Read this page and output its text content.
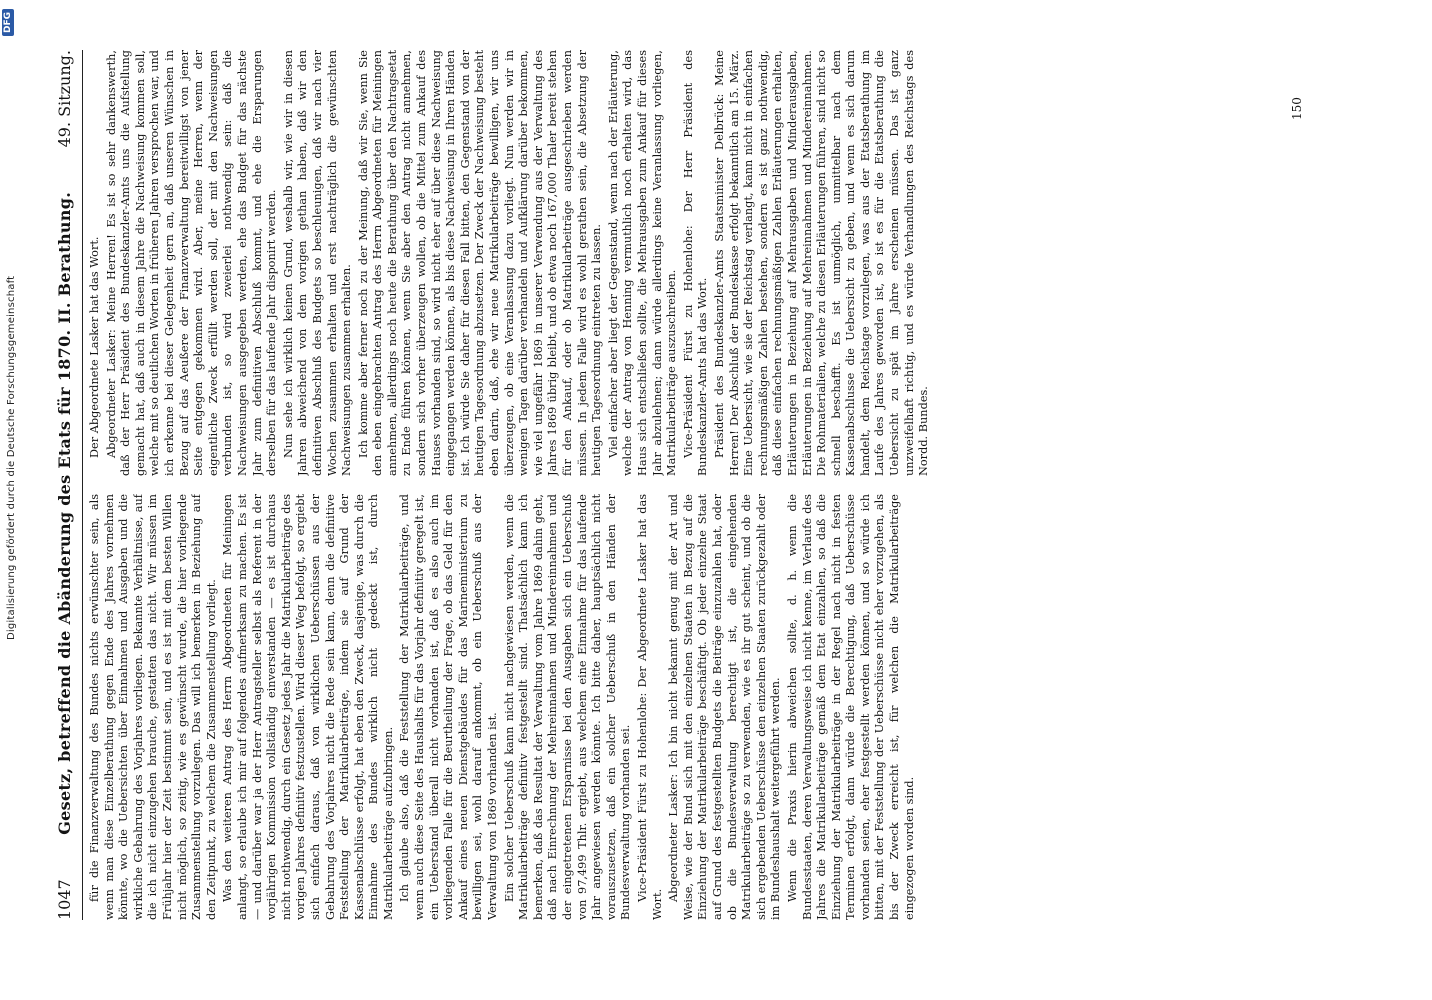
Digitalisierung gefördert durch die Deutsche Forschungsgemeinschaft
DFG
1047
Gesetz, betreffend die Abänderung des Etats für 1870. II. Berathung.
49. Sitzung.

für die Finanzverwaltung des Bundes nichts erwünschter sein, als wenn man diese Einzelberathung gegen Ende des Jahres vornehmen könnte, wo die Uebersichten über Einnahmen und Ausgaben und die wirkliche Gebahrung des Vorjahres vorliegen. Bekannte Verhältnisse, auf die ich nicht einzugehen brauche, gestatten das nicht. Wir müssen im Frühjahr hier der Zeit bestimmt sein, und es ist mit dem besten Willen nicht möglich, so zeitig, wie es gewünscht wurde, die hier vorliegende Zusammenstellung vorzulegen. Das will ich bemerken in Beziehung auf den Zeitpunkt, zu welchem die Zusammenstellung vorliegt. Was den weiteren Antrag des Herrn Abgeordneten für Meiningen anlangt, so erlaube ich mir auf folgendes aufmerksam zu machen. Es ist — und darüber war ja der Herr Antragsteller selbst als Referent in der vorjährigen Kommission vollständig einverstanden — es ist durchaus nicht nothwendig, durch ein Gesetz jedes Jahr die Matrikularbeiträge des vorigen Jahres definitiv festzustellen. Wird dieser Weg befolgt, so ergiebt sich einfach daraus, daß von wirklichen Ueberschüssen aus der Gebahrung des Vorjahres nicht die Rede sein kann, denn die definitive Feststellung der Matrikularbeiträge, indem sie auf Grund der Kassenabschlüsse erfolgt, hat eben den Zweck, dasjenige, was durch die Einnahme des Bundes wirklich nicht gedeckt ist, durch Matrikularbeiträge aufzubringen. Ich glaube also, daß die Feststellung der Matrikularbeiträge, und wenn auch diese Seite des Haushalts für das Vorjahr definitiv geregelt ist, ein Ueberstand überall nicht vorhanden ist, daß es also auch im vorliegenden Falle für die Beurtheilung der Frage, ob das Geld für den Ankauf eines neuen Dienstgebäudes für das Marineministerium zu bewilligen sei, wohl darauf ankommt, ob ein Ueberschuß aus der Verwaltung von 1869 vorhanden ist. Ein solcher Ueberschuß kann nicht nachgewiesen werden, wenn die Matrikularbeiträge definitiv festgestellt sind. Thatsächlich kann ich bemerken, daß das Resultat der Verwaltung vom Jahre 1869 dahin geht, daß nach Einrechnung der Mehreinnahmen und Mindereinnahmen und der eingetretenen Ersparnisse bei den Ausgaben sich ein Ueberschuß von 97,499 Thlr. ergiebt, aus welchem eine Einnahme für das laufende Jahr angewiesen werden könnte. Ich bitte daher, hauptsächlich nicht vorauszusetzen, daß ein solcher Ueberschuß in den Händen der Bundesverwaltung vorhanden sei. Vice-Präsident Fürst zu Hohenlohe: Der Abgeordnete Lasker hat das Wort.

Abgeordneter Lasker: Ich bin nicht bekannt genug mit der Art und Weise, wie der Bund sich mit den einzelnen Staaten in Bezug auf die Einziehung der Matrikularbeiträge beschäftigt. Ob jeder einzelne Staat auf Grund des festgestellten Budgets die Beiträge einzuzahlen hat, oder ob die Bundesverwaltung berechtigt ist, die eingehenden Matrikularbeiträge so zu verwenden, wie es ihr gut scheint, und ob die sich ergebenden Ueberschüsse den einzelnen Staaten zurückgezahlt oder im Bundeshaushalt weitergeführt werden. Wenn die Praxis hierin abweichen sollte, d. h. wenn die Bundesstaaten, deren Verwaltungsweise ich nicht kenne, im Verlaufe des Jahres die Matrikularbeiträge gemäß dem Etat einzahlen, so daß die Einziehung der Matrikularbeiträge in der Regel nach nicht in festen Terminen erfolgt, dann würde die Berechtigung, daß Ueberschüsse vorhanden seien, eher festgestellt werden können, und so würde ich bitten, mit der Feststellung der Ueberschüsse nicht eher vorzugehen, als bis der Zweck erreicht ist, für welchen die Matrikularbeiträge eingezogen worden sind.

Der Abgeordnete Lasker hat das Wort. Abgeordneter Lasker: Meine Herren! Es ist so sehr dankenswerth, daß der Herr Präsident des Bundeskanzler-Amts uns die Aufstellung gemacht hat, daß auch in diesem Jahre die Nachweisung kommen soll, welche mit so deutlichen Worten in früheren Jahren versprochen war, und ich erkenne bei dieser Gelegenheit gern an, daß unseren Wünschen in Bezug auf das Aeußere der Finanzverwaltung bereitwilligst von jener Seite entgegen gekommen wird. Aber, meine Herren, wenn der eigentliche Zweck erfüllt werden soll, der mit den Nachweisungen verbunden ist, so wird zweierlei nothwendig sein: daß die Nachweisungen ausgegeben werden, ehe das Budget für das nächste Jahr zum definitiven Abschluß kommt, und ehe die Ersparungen derselben für das laufende Jahr disponirt werden. Nun sehe ich wirklich keinen Grund, weshalb wir, wie wir in diesen Jahren abweichend von dem vorigen gethan haben, daß wir den definitiven Abschluß des Budgets so beschleunigen, daß wir nach vier Wochen zusammen erhalten und erst nachträglich die gewünschten Nachweisungen zusammen erhalten. Ich komme aber ferner noch zu der Meinung, daß wir Sie, wenn Sie den eben eingebrachten Antrag des Herrn Abgeordneten für Meiningen annehmen, allerdings noch heute die Berathung über den Nachtragsetat zu Ende führen können, wenn Sie aber den Antrag nicht annehmen, sondern sich vorher überzeugen wollen, ob die Mittel zum Ankauf des Hauses vorhanden sind, so wird nicht eher auf über diese Nachweisung eingegangen werden können, als bis diese Nachweisung in Ihren Händen ist. Ich würde Sie daher für diesen Fall bitten, den Gegenstand von der heutigen Tagesordnung abzusetzen. Der Zweck der Nachweisung besteht eben darin, daß, ehe wir neue Matrikularbeiträge bewilligen, wir uns überzeugen, ob eine Veranlassung dazu vorliegt. Nun werden wir in wenigen Tagen darüber verhandeln und Aufklärung darüber bekommen, wie viel ungefähr 1869 in unserer Verwendung aus der Verwaltung des Jahres 1869 übrig bleibt, und ob etwa noch 167,000 Thaler bereit stehen für den Ankauf, oder ob Matrikularbeiträge ausgeschrieben werden müssen. In jedem Falle wird es wohl gerathen sein, die Absetzung der heutigen Tagesordnung eintreten zu lassen. Viel einfacher aber liegt der Gegenstand, wenn nach der Erläuterung, welche der Antrag von Henning vermuthlich noch erhalten wird, das Haus sich entschließen sollte, die Mehrausgaben zum Ankauf für dieses Jahr abzulehnen; dann würde allerdings keine Veranlassung vorliegen, Matrikularbeiträge auszuschreiben. Vice-Präsident Fürst zu Hohenlohe: Der Herr Präsident des Bundeskanzler-Amts hat das Wort. Präsident des Bundeskanzler-Amts Staatsminister Delbrück: Meine Herren! Der Abschluß der Bundeskasse erfolgt bekanntlich am 15. März. Eine Uebersicht, wie sie der Reichstag verlangt, kann nicht in einfachen rechnungsmäßigen Zahlen bestehen, sondern es ist ganz nothwendig, daß diese einfachen rechnungsmäßigen Zahlen Erläuterungen erhalten, Erläuterungen in Beziehung auf Mehrausgaben und Minderausgaben, Erläuterungen in Beziehung auf Mehreinnahmen und Mindereinnahmen. Die Rohmaterialien, welche zu diesen Erläuterungen führen, sind nicht so schnell beschafft. Es ist unmöglich, unmittelbar nach dem Kassenabschlusse die Uebersicht zu geben, und wenn es sich darum handelt, dem Reichstage vorzulegen, was aus der Etatsberathung im Laufe des Jahres geworden ist, so ist es für die Etatsberathung die Uebersicht zu spät im Jahre erscheinen müssen. Das ist ganz unzweifelhaft richtig, und es würde Verhandlungen des Reichstags des Nordd. Bundes.

150
